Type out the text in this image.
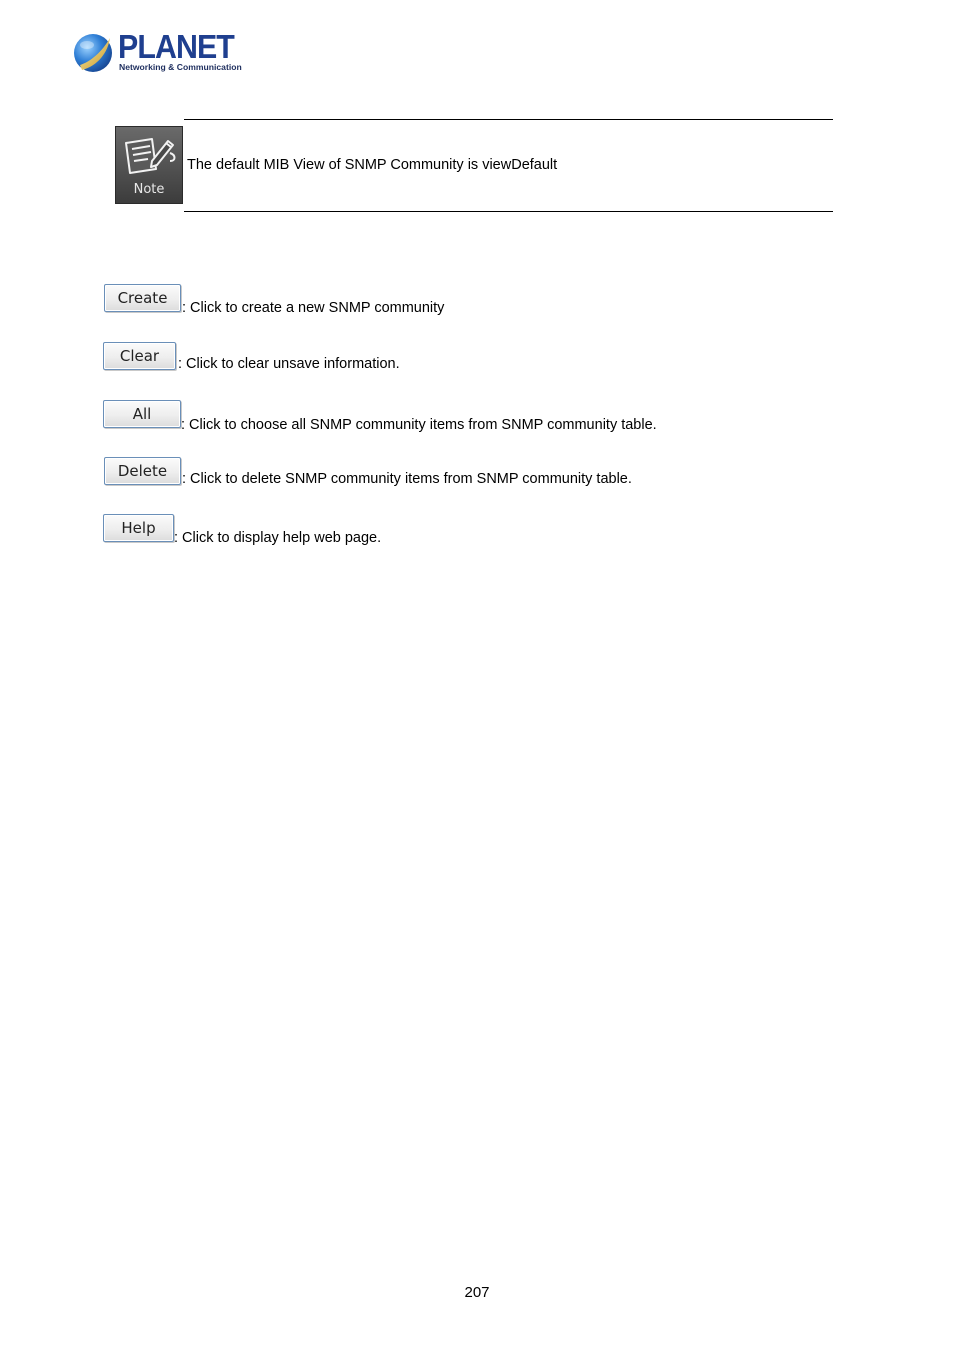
PLANET
Networking & Communication
Note
The default MIB View of SNMP Community is viewDefault
Create
: Click to create a new SNMP community
Clear	: Click to clear unsave information.
All
: Click to choose all SNMP community items from SNMP community table.
Delete	: Click to delete SNMP community items from SNMP community table.
Help
: Click to display help web page.
207
